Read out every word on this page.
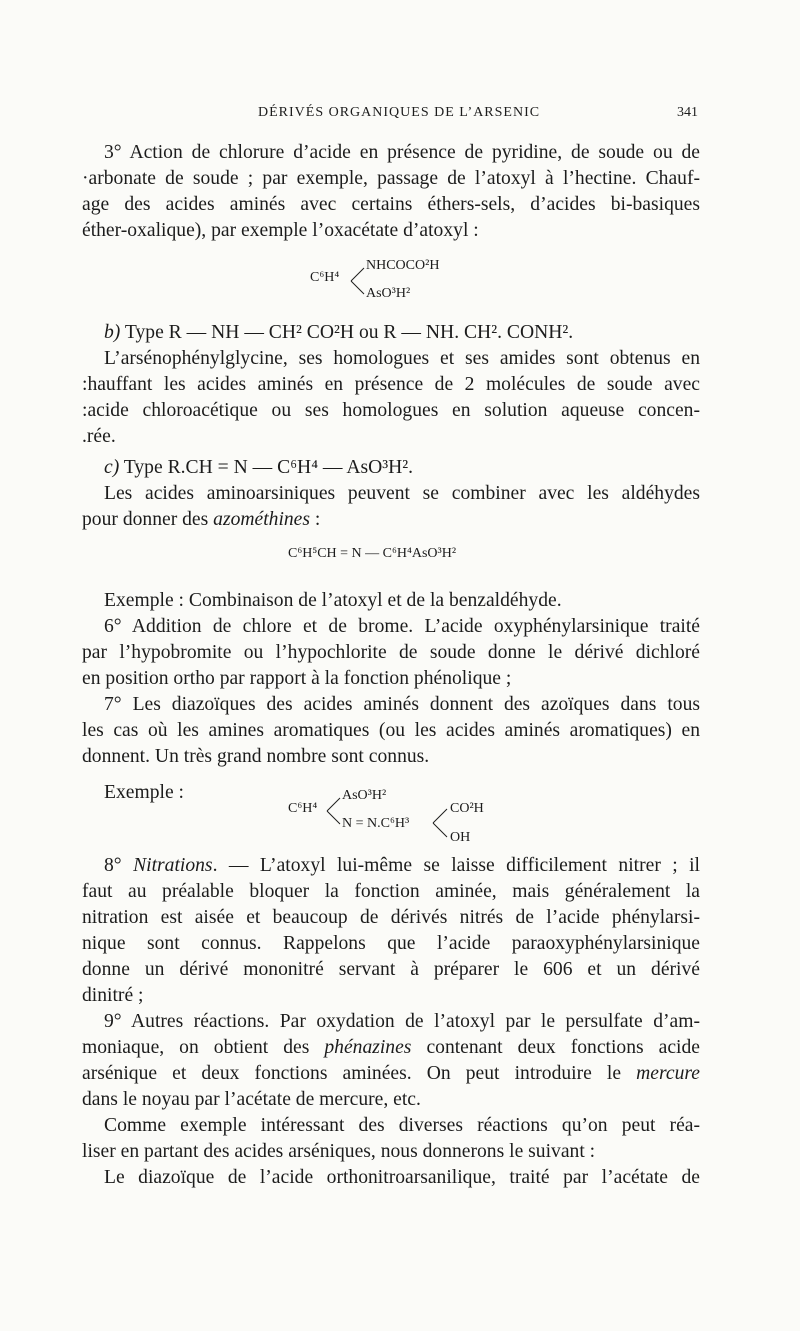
DÉRIVÉS ORGANIQUES DE L’ARSENIC	341
3° Action de chlorure d’acide en présence de pyridine, de soude ou de
·arbonate de soude ; par exemple, passage de l’atoxyl à l’hectine. Chauf-
age des acides aminés avec certains éthers-sels, d’acides bi-basiques
éther-oxalique), par exemple l’oxacétate d’atoxyl :
NHCOCO²H
C⁶H⁴
AsO³H²
b) Type R — NH — CH² CO²H ou R — NH. CH². CONH².
L’arsénophénylglycine, ses homologues et ses amides sont obtenus en
:hauffant les acides aminés en présence de 2 molécules de soude avec
:acide chloroacétique ou ses homologues en solution aqueuse concen-
.rée.
c) Type R.CH = N — C⁶H⁴ — AsO³H².
Les acides aminoarsiniques peuvent se combiner avec les aldéhydes
pour donner des azométhines :
C⁶H⁵CH = N — C⁶H⁴AsO³H²
Exemple : Combinaison de l’atoxyl et de la benzaldéhyde.
6° Addition de chlore et de brome. L’acide oxyphénylarsinique traité
par l’hypobromite ou l’hypochlorite de soude donne le dérivé dichloré
en position ortho par rapport à la fonction phénolique ;
7° Les diazoïques des acides aminés donnent des azoïques dans tous
les cas où les amines aromatiques (ou les acides aminés aromatiques) en
donnent. Un très grand nombre sont connus.
Exemple :	AsO³H²
C⁶H⁴
N = N.C⁶H³
CO²H
OH
8° Nitrations. — L’atoxyl lui-même se laisse difficilement nitrer ; il
faut au préalable bloquer la fonction aminée, mais généralement la
nitration est aisée et beaucoup de dérivés nitrés de l’acide phénylarsi-
nique sont connus. Rappelons que l’acide paraoxyphénylarsinique
donne un dérivé mononitré servant à préparer le 606 et un dérivé
dinitré ;
9° Autres réactions. Par oxydation de l’atoxyl par le persulfate d’am-
moniaque, on obtient des phénazines contenant deux fonctions acide
arsénique et deux fonctions aminées. On peut introduire le mercure
dans le noyau par l’acétate de mercure, etc.
Comme exemple intéressant des diverses réactions qu’on peut réa-
liser en partant des acides arséniques, nous donnerons le suivant :
Le diazoïque de l’acide orthonitroarsanilique, traité par l’acétate de
